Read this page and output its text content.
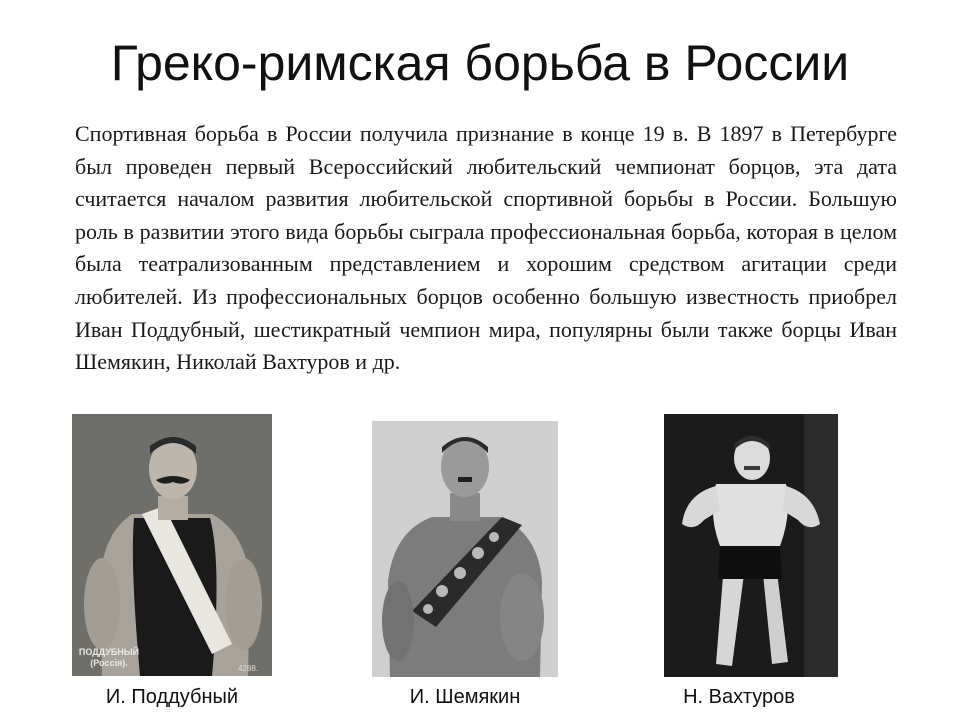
Греко-римская борьба в России
Спортивная борьба в России получила признание в конце 19 в. В 1897 в Петербурге был проведен первый Всероссийский любительский чемпионат борцов, эта дата считается началом развития любительской спортивной борьбы в России. Большую роль в развитии этого вида борьбы сыграла профессиональная борьба, которая в целом была театрализованным представлением и хорошим средством агитации среди любителей. Из профессиональных борцов особенно большую известность приобрел Иван Поддубный, шестикратный чемпион мира, популярны были также борцы Иван Шемякин, Николай Вахтуров и др.
ПОДДУБНЫЙ
(Россія).
4288.
И. Поддубный	И. Шемякин	Н. Вахтуров
